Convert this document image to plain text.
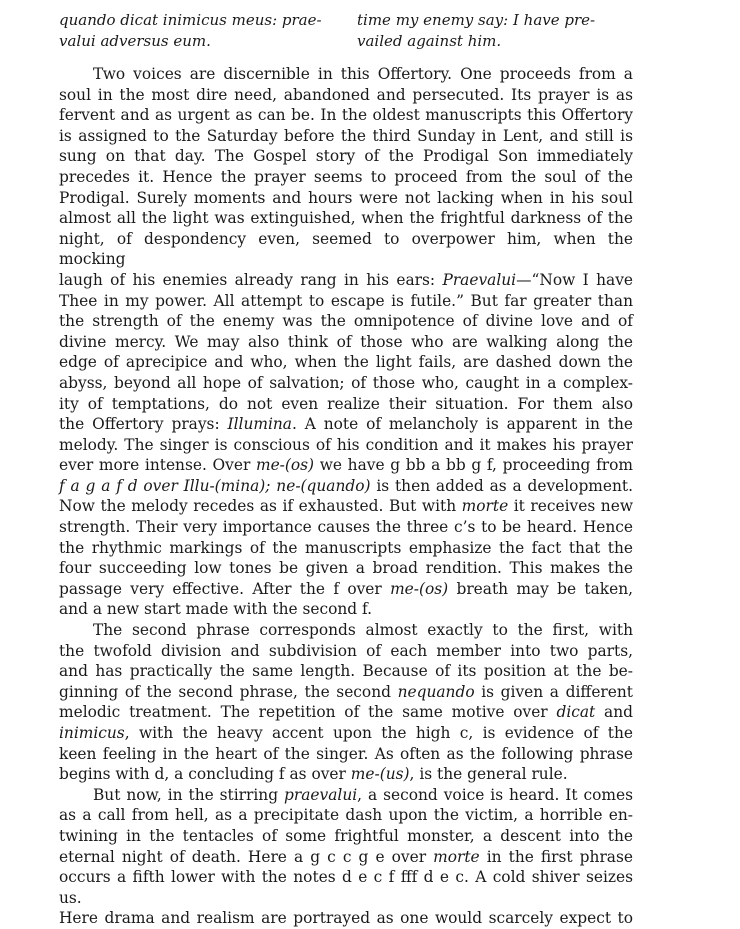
quando dicat inimicus meus: prae-valui adversus eum.
time my enemy say: I have pre-vailed against him.

Two voices are discernible in this Offertory. One proceeds from a
soul in the most dire need, abandoned and persecuted. Its prayer is as
fervent and as urgent as can be. In the oldest manuscripts this Offertory
is assigned to the Saturday before the third Sunday in Lent, and still is
sung on that day. The Gospel story of the Prodigal Son immediately
precedes it. Hence the prayer seems to proceed from the soul of the
Prodigal. Surely moments and hours were not lacking when in his soul
almost all the light was extinguished, when the frightful darkness of the
night, of despondency even, seemed to overpower him, when the mocking
laugh of his enemies already rang in his ears: Praevalui—“Now I have
Thee in my power. All attempt to escape is futile.” But far greater than
the strength of the enemy was the omnipotence of divine love and of
divine mercy. We may also think of those who are walking along the
edge of aprecipice and who, when the light fails, are dashed down the
abyss, beyond all hope of salvation; of those who, caught in a complex-
ity of temptations, do not even realize their situation. For them also
the Offertory prays: Illumina. A note of melancholy is apparent in the
melody. The singer is conscious of his condition and it makes his prayer
ever more intense. Over me-(os) we have g bb a bb g f, proceeding from
f a g a f d over Illu-(mina); ne-(quando) is then added as a development.
Now the melody recedes as if exhausted. But with morte it receives new
strength. Their very importance causes the three c’s to be heard. Hence
the rhythmic markings of the manuscripts emphasize the fact that the
four succeeding low tones be given a broad rendition. This makes the
passage very effective. After the f over me-(os) breath may be taken,
and a new start made with the second f.

The second phrase corresponds almost exactly to the first, with
the twofold division and subdivision of each member into two parts,
and has practically the same length. Because of its position at the be-
ginning of the second phrase, the second nequando is given a different
melodic treatment. The repetition of the same motive over dicat and
inimicus, with the heavy accent upon the high c, is evidence of the
keen feeling in the heart of the singer. As often as the following phrase
begins with d, a concluding f as over me-(us), is the general rule.

But now, in the stirring praevalui, a second voice is heard. It comes
as a call from hell, as a precipitate dash upon the victim, a horrible en-
twining in the tentacles of some frightful monster, a descent into the
eternal night of death. Here a g c c g e over morte in the first phrase
occurs a fifth lower with the notes d e c f fff d e c. A cold shiver seizes us.
Here drama and realism are portrayed as one would scarcely expect to
